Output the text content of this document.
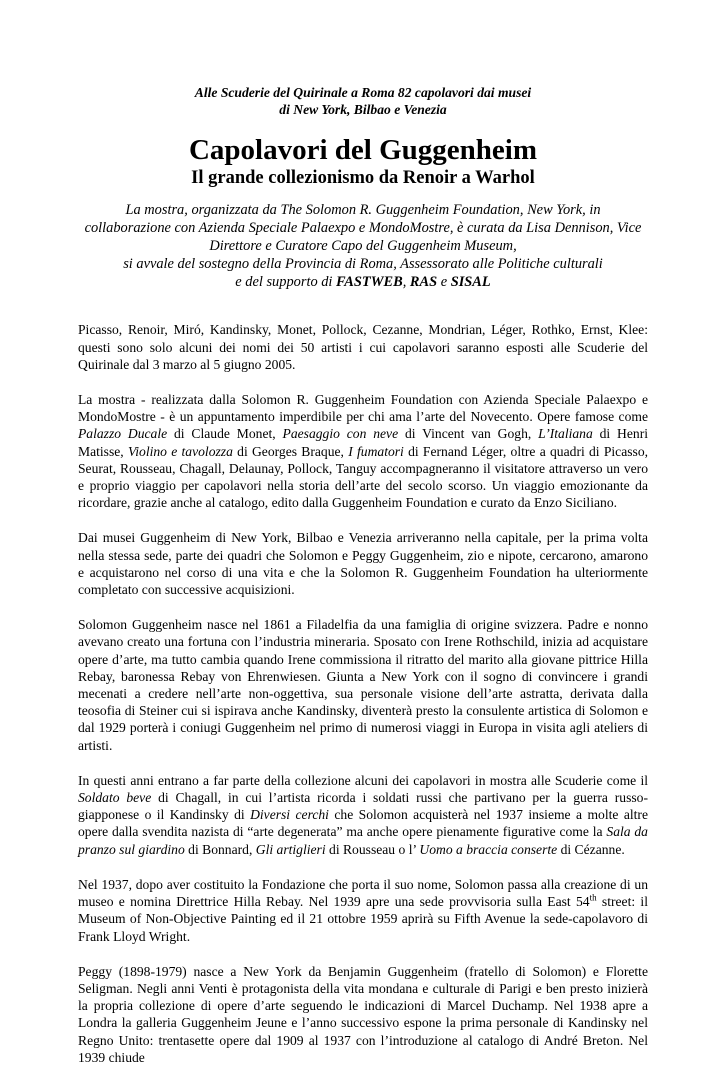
Alle Scuderie del Quirinale a Roma 82 capolavori dai musei
di New York, Bilbao e Venezia

Capolavori del Guggenheim
Il grande collezionismo da Renoir a Warhol

La mostra, organizzata da The Solomon R. Guggenheim Foundation, New York, in
collaborazione con Azienda Speciale Palaexpo e MondoMostre, è curata da Lisa Dennison, Vice
Direttore e Curatore Capo del Guggenheim Museum,
si avvale del sostegno della Provincia di Roma, Assessorato alle Politiche culturali
e del supporto di FASTWEB, RAS e SISAL

Picasso, Renoir, Miró, Kandinsky, Monet, Pollock, Cezanne, Mondrian, Léger, Rothko, Ernst, Klee: questi sono solo alcuni dei nomi dei 50 artisti i cui capolavori saranno esposti alle Scuderie del Quirinale dal 3 marzo al 5 giugno 2005.

La mostra - realizzata dalla Solomon R. Guggenheim Foundation con Azienda Speciale Palaexpo e MondoMostre - è un appuntamento imperdibile per chi ama l’arte del Novecento. Opere famose come Palazzo Ducale di Claude Monet, Paesaggio con neve di Vincent van Gogh, L’Italiana di Henri Matisse, Violino e tavolozza di Georges Braque, I fumatori di Fernand Léger, oltre a quadri di Picasso, Seurat, Rousseau, Chagall, Delaunay, Pollock, Tanguy accompagneranno il visitatore attraverso un vero e proprio viaggio per capolavori nella storia dell’arte del secolo scorso. Un viaggio emozionante da ricordare, grazie anche al catalogo, edito dalla Guggenheim Foundation e curato da Enzo Siciliano.

Dai musei Guggenheim di New York, Bilbao e Venezia arriveranno nella capitale, per la prima volta nella stessa sede, parte dei quadri che Solomon e Peggy Guggenheim, zio e nipote, cercarono, amarono e acquistarono nel corso di una vita e che la Solomon R. Guggenheim Foundation ha ulteriormente completato con successive acquisizioni.

Solomon Guggenheim nasce nel 1861 a Filadelfia da una famiglia di origine svizzera. Padre e nonno avevano creato una fortuna con l’industria mineraria. Sposato con Irene Rothschild, inizia ad acquistare opere d’arte, ma tutto cambia quando Irene commissiona il ritratto del marito alla giovane pittrice Hilla Rebay, baronessa Rebay von Ehrenwiesen. Giunta a New York con il sogno di convincere i grandi mecenati a credere nell’arte non-oggettiva, sua personale visione dell’arte astratta, derivata dalla teosofia di Steiner cui si ispirava anche Kandinsky, diventerà presto la consulente artistica di Solomon e dal 1929 porterà i coniugi Guggenheim nel primo di numerosi viaggi in Europa in visita agli ateliers di artisti.

In questi anni entrano a far parte della collezione alcuni dei capolavori in mostra alle Scuderie come il Soldato beve di Chagall, in cui l’artista ricorda i soldati russi che partivano per la guerra russo-giapponese o il Kandinsky di Diversi cerchi che Solomon acquisterà nel 1937 insieme a molte altre opere dalla svendita nazista di “arte degenerata” ma anche opere pienamente figurative come la Sala da pranzo sul giardino di Bonnard, Gli artiglieri di Rousseau o l’ Uomo a braccia conserte di Cézanne.

Nel 1937, dopo aver costituito la Fondazione che porta il suo nome, Solomon passa alla creazione di un museo e nomina Direttrice Hilla Rebay. Nel 1939 apre una sede provvisoria sulla East 54th street: il Museum of Non-Objective Painting ed il 21 ottobre 1959 aprirà su Fifth Avenue la sede-capolavoro di Frank Lloyd Wright.

Peggy (1898-1979) nasce a New York da Benjamin Guggenheim (fratello di Solomon) e Florette Seligman. Negli anni Venti è protagonista della vita mondana e culturale di Parigi e ben presto inizierà la propria collezione di opere d’arte seguendo le indicazioni di Marcel Duchamp. Nel 1938 apre a Londra la galleria Guggenheim Jeune e l’anno successivo espone la prima personale di Kandinsky nel Regno Unito: trentasette opere dal 1909 al 1937 con l’introduzione al catalogo di André Breton. Nel 1939 chiude
